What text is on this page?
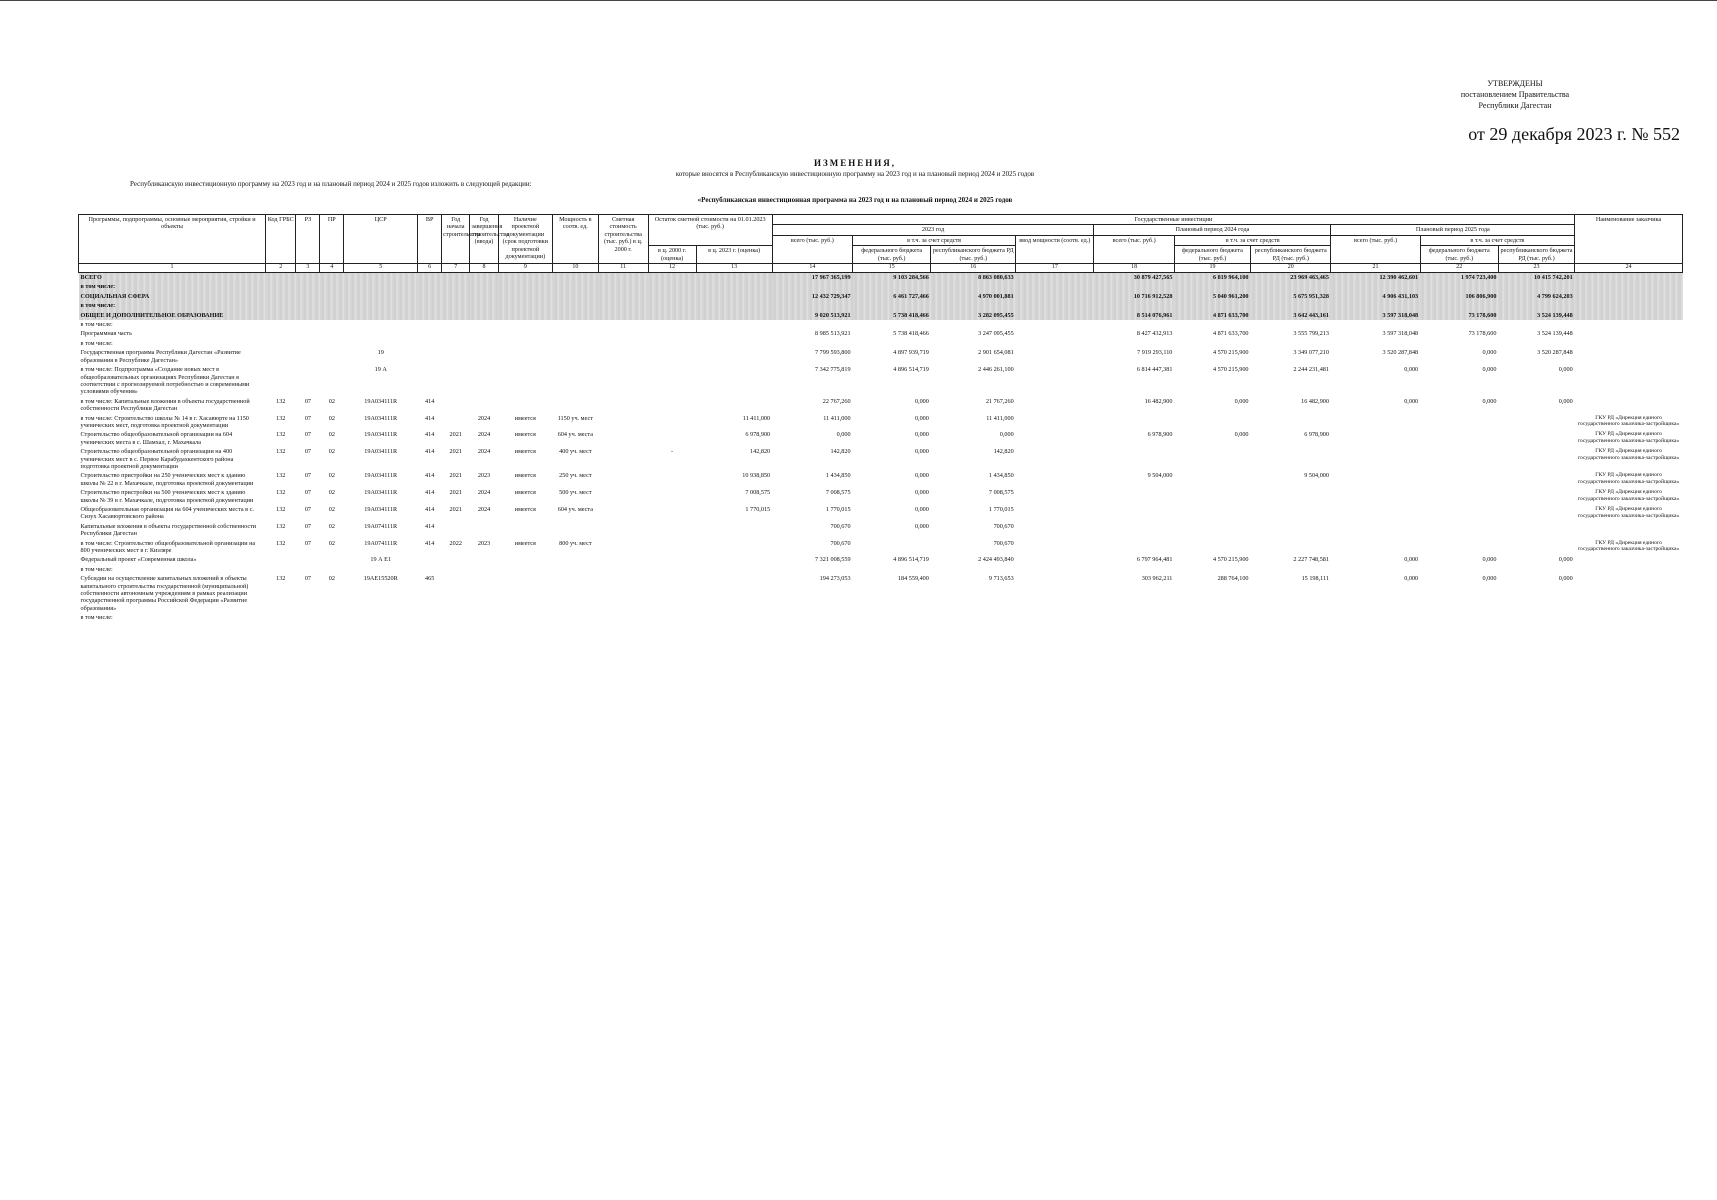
УТВЕРЖДЕНЫ
постановлением Правительства
Республики Дагестан
от 29 декабря 2023 г. № 552
ИЗМЕНЕНИЯ,
которые вносятся в Республиканскую инвестиционную программу на 2023 год и на плановый период 2024 и 2025 годов
Республиканскую инвестиционную программу на 2023 год и на плановый период 2024 и 2025 годов изложить в следующей редакции:
«Республиканская инвестиционная программа на 2023 год и на плановый период 2024 и 2025 годов
Программы, подпрограммы, основные мероприятия, стройки и объекты	Код ГРБС	РЗ	ПР	ЦСР	ВР	Год начала строительства	Год завершения строительства (ввода)	Наличие проектной документации (срок подготовки проектной документации)	Мощность в соотв. ед.	Сметная стоимость строительства (тыс. руб.) в ц. 2000 г.	Остаток сметной стоимости на 01.01.2023 (тыс. руб.)		Государственные инвестиции										Наименование заказчика
													2023 год				Плановый период 2024 года			Плановый период 2025 года			
													всего (тыс. руб.)	в т.ч. за счет средств		ввод мощности (соотв. ед.)	всего (тыс. руб.)	в т.ч. за счет средств		всего (тыс. руб.)	в т.ч. за счет средств		
											в ц. 2000 г. (оценка)	в ц. 2023 г. (оценка)		федерального бюджета (тыс. руб.)	республиканского бюджета РД (тыс. руб.)			федерального бюджета (тыс. руб.)	республиканского бюджета РД (тыс. руб.)		федерального бюджета (тыс. руб.)	республиканского бюджета РД (тыс. руб.)	
1	2	3	4	5	6	7	8	9	10	11	12	13	14	15	16	17	18	19	20	21	22	23	24
ВСЕГО													17 967 365,199	9 103 284,566	8 863 080,633		30 879 427,565	6 819 964,100	23 969 463,465	12 390 462,601	1 974 723,400	10 415 742,201	
в том числе:																							
СОЦИАЛЬНАЯ СФЕРА													12 432 729,347	6 461 727,466	4 970 001,881		10 716 912,528	5 040 961,200	5 675 951,328	4 906 431,103	106 806,900	4 799 624,203	
в том числе:																							
ОБЩЕЕ И ДОПОЛНИТЕЛЬНОЕ ОБРАЗОВАНИЕ													9 020 513,921	5 738 418,466	3 282 095,455		8 514 076,961	4 871 633,700	3 642 443,161	3 597 318,048	73 178,600	3 524 139,448	
в том числе:																							
Программная часть													8 985 513,921	5 738 418,466	3 247 095,455		8 427 432,913	4 871 633,700	3 555 799,213	3 597 318,048	73 178,600	3 524 139,448	
в том числе:																							
Государственная программа Республики Дагестан «Развитие образования в Республике Дагестан»				19									7 799 593,800	4 897 939,719	2 901 654,081		7 919 293,110	4 570 215,900	3 349 077,210	3 520 287,848	0,000	3 520 287,848	
в том числе: Подпрограмма «Создание новых мест в общеобразовательных организациях Республики Дагестан в соответствии с прогнозируемой потребностью и современными условиями обучения»				19 А									7 342 775,819	4 896 514,719	2 446 261,100		6 814 447,381	4 570 215,900	2 244 231,481	0,000	0,000	0,000	
в том числе: Капитальные вложения в объекты государственной собственности Республики Дагестан	132	07	02	19А034111R	414								22 767,260	0,000	21 767,260		16 482,900	0,000	16 482,900	0,000	0,000	0,000	
в том числе: Строительство школы № 14 в г. Хасавюрте на 1150 ученических мест, подготовка проектной документации	132	07	02	19А034111R	414		2024	имеется	1150 уч. мест			11 411,000	11 411,000	0,000	11 411,000								ГКУ РД «Дирекция единого государственного заказчика-застройщика»
Строительство общеобразовательной организации на 604 ученических места в с. Шамхал, г. Махачкала	132	07	02	19А034111R	414	2021	2024	имеется	604 уч. места			6 978,900	0,000	0,000	0,000		6 978,900	0,000	6 978,900				ГКУ РД «Дирекция единого государственного заказчика-застройщика»
Строительство общеобразовательной организации на 400 ученических мест в с. Первое Карабудахкентского района подготовка проектной документации	132	07	02	19А034111R	414	2021	2024	имеется	400 уч. мест		-	142,820	142,820	0,000	142,820								ГКУ РД «Дирекция единого государственного заказчика-застройщика»
Строительство пристройки на 250 ученических мест к зданию школы № 22 в г. Махачкале, подготовка проектной документации	132	07	02	19А034111R	414	2021	2023	имеется	250 уч. мест			10 938,850	1 434,850	0,000	1 434,850		9 504,000		9 504,000				ГКУ РД «Дирекция единого государственного заказчика-застройщика»
Строительство пристройки на 500 ученических мест к зданию школы № 39 в г. Махачкале, подготовка проектной документации	132	07	02	19А034111R	414	2021	2024	имеется	500 уч. мест			7 008,575	7 008,575	0,000	7 008,575								ГКУ РД «Дирекция единого государственного заказчика-застройщика»
Общеобразовательная организация на 604 ученических места в с. Сизух Хасавюртовского района	132	07	02	19А034111R	414	2021	2024	имеется	604 уч. места			1 770,015	1 770,015	0,000	1 770,015								ГКУ РД «Дирекция единого государственного заказчика-застройщика»
Капитальные вложения в объекты государственной собственности Республики Дагестан	132	07	02	19А074111R	414								700,670	0,000	700,670								
в том числе: Строительство общеобразовательной организации на 800 ученических мест в г. Кизляре	132	07	02	19А074111R	414	2022	2023	имеется	800 уч. мест				700,670		700,670								ГКУ РД «Дирекция единого государственного заказчика-застройщика»
Федеральный проект «Современная школа»				19 А Е1									7 321 008,559	4 896 514,719	2 424 493,840		6 797 964,481	4 570 215,900	2 227 748,581	0,000	0,000	0,000	
в том числе:																							
Субсидии на осуществление капитальных вложений в объекты капитального строительства государственной (муниципальной) собственности автономным учреждениям в рамках реализации государственной программы Российской Федерации «Развитие образования»	132	07	02	19АЕ15520R	465								194 273,053	184 559,400	9 713,653		303 962,211	288 764,100	15 198,111	0,000	0,000	0,000	
в том числе:																							
